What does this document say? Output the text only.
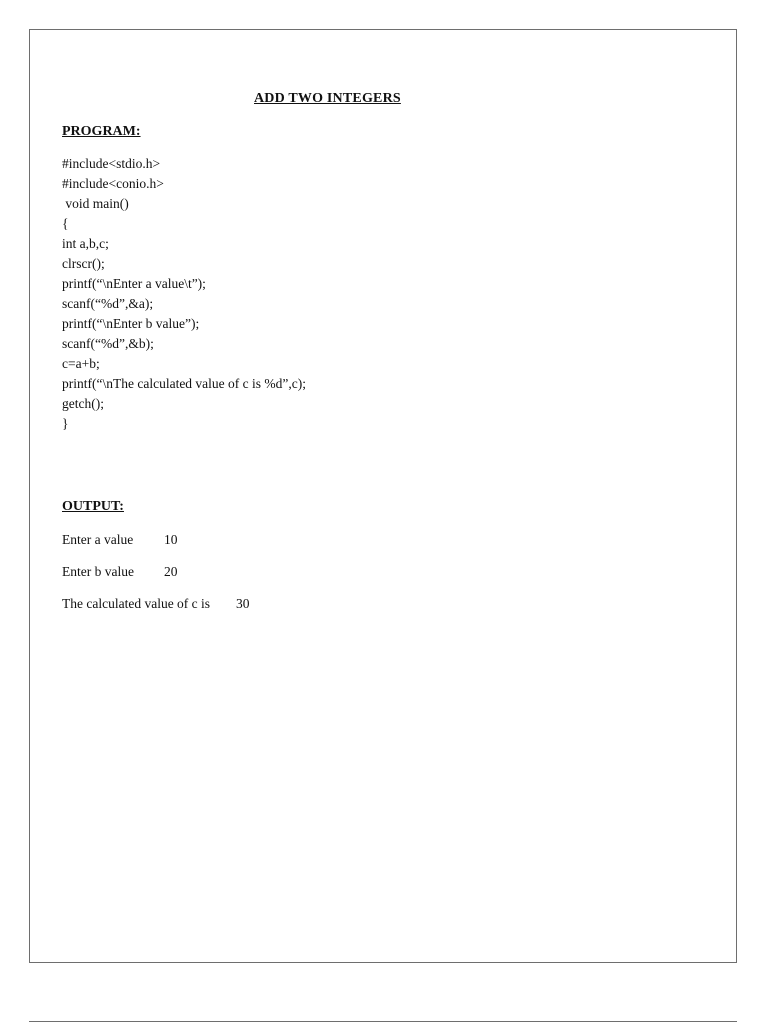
ADD TWO INTEGERS
PROGRAM:
#include<stdio.h>
#include<conio.h>
void main()
{
int a,b,c;
clrscr();
printf(“\nEnter a value\t”);
scanf(“%d”,&a);
printf(“\nEnter b value”);
scanf(“%d”,&b);
c=a+b;
printf(“\nThe calculated value of c is %d”,c);
getch();
}
OUTPUT:
Enter a value 10
Enter b value 20
The calculated value of c is 30
